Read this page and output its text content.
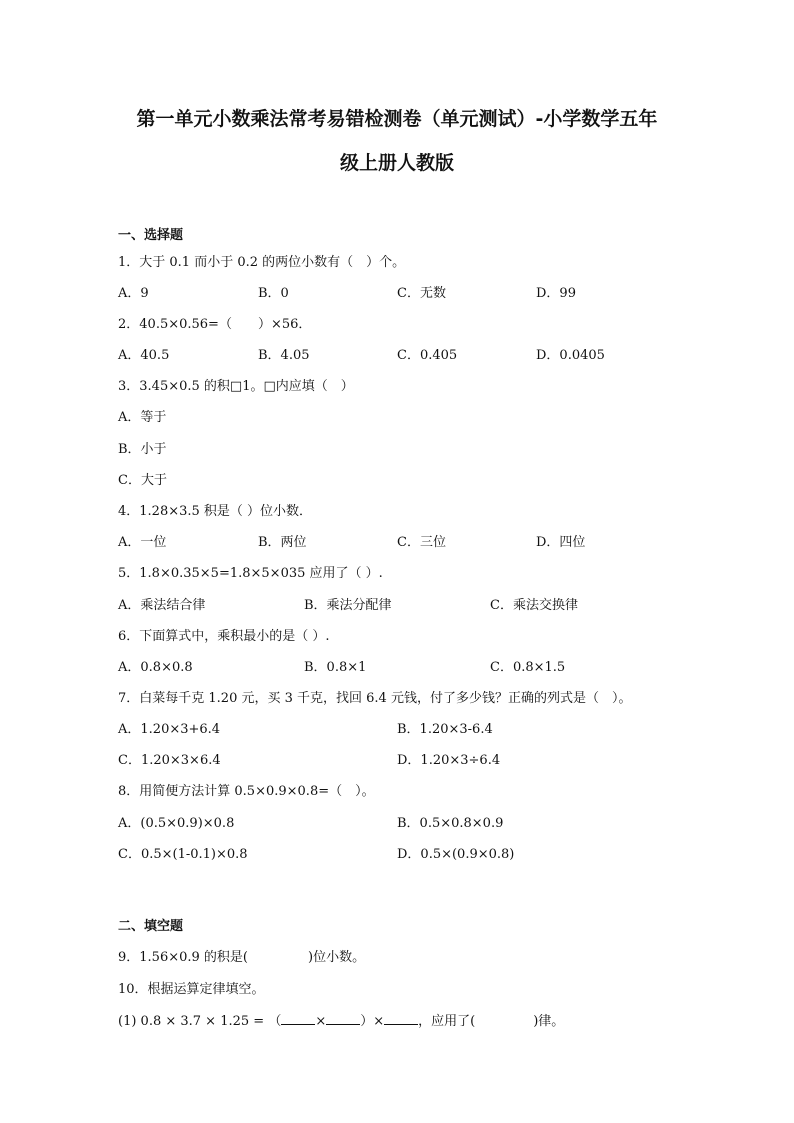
第一单元小数乘法常考易错检测卷（单元测试）-小学数学五年
级上册人教版
一、选择题
1．大于 0.1 而小于 0.2 的两位小数有（　）个。
A．9	B．0	C．无数	D．99
2．40.5×0.56=（　　）×56．
A．40.5	B．4.05	C．0.405	D．0.0405
3．3.45×0.5 的积□1。□内应填（　）
A．等于
B．小于
C．大于
4．1.28×3.5 积是（ ）位小数．
A．一位	B．两位	C．三位	D．四位
5．1.8×0.35×5=1.8×5×035 应用了（ ）.
A．乘法结合律	B．乘法分配律	C．乘法交换律
6．下面算式中，乘积最小的是（ ）.
A．0.8×0.8	B．0.8×1	C．0.8×1.5
7．白菜每千克 1.20 元，买 3 千克，找回 6.4 元钱，付了多少钱？正确的列式是（　）。
A．1.20×3+6.4	B．1.20×3-6.4
C．1.20×3×6.4	D．1.20×3÷6.4
8．用简便方法计算 0.5×0.9×0.8=（　）。
A．(0.5×0.9)×0.8	B．0.5×0.8×0.9
C．0.5×(1-0.1)×0.8	D．0.5×(0.9×0.8)
二、填空题
9．1.56×0.9 的积是(	)位小数。
10．根据运算定律填空。
(1) 0.8 × 3.7 × 1.25 = （	×	）×	，应用了(	)律。
